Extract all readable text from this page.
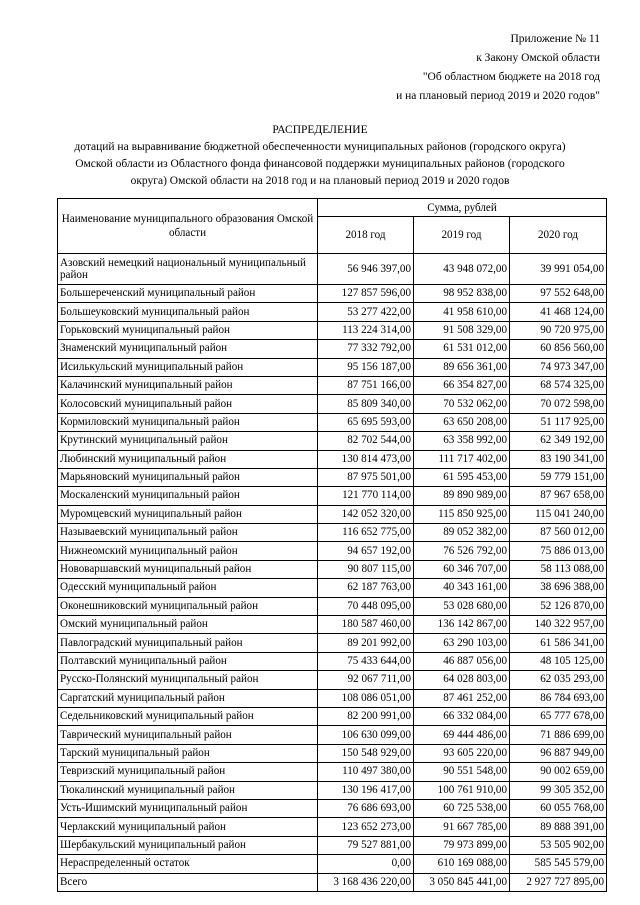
Приложение № 11
к Закону Омской области
"Об областном бюджете на 2018 год
и на плановый период 2019 и 2020 годов"
РАСПРЕДЕЛЕНИЕ
дотаций на выравнивание бюджетной обеспеченности муниципальных районов (городского округа)
Омской области из Областного фонда финансовой поддержки муниципальных районов (городского
округа) Омской области на 2018 год и на плановый период 2019 и 2020 годов
Наименование муниципального образования Омской области	Сумма, рублей		
	2018 год	2019 год	2020 год
Азовский немецкий национальный муниципальный район	56 946 397,00	43 948 072,00	39 991 054,00
Большереченский муниципальный район	127 857 596,00	98 952 838,00	97 552 648,00
Большеуковский муниципальный район	53 277 422,00	41 958 610,00	41 468 124,00
Горьковский муниципальный район	113 224 314,00	91 508 329,00	90 720 975,00
Знаменский муниципальный район	77 332 792,00	61 531 012,00	60 856 560,00
Исилькульский муниципальный район	95 156 187,00	89 656 361,00	74 973 347,00
Калачинский муниципальный район	87 751 166,00	66 354 827,00	68 574 325,00
Колосовский муниципальный район	85 809 340,00	70 532 062,00	70 072 598,00
Кормиловский муниципальный район	65 695 593,00	63 650 208,00	51 117 925,00
Крутинский муниципальный район	82 702 544,00	63 358 992,00	62 349 192,00
Любинский муниципальный район	130 814 473,00	111 717 402,00	83 190 341,00
Марьяновский муниципальный район	87 975 501,00	61 595 453,00	59 779 151,00
Москаленский муниципальный район	121 770 114,00	89 890 989,00	87 967 658,00
Муромцевский муниципальный район	142 052 320,00	115 850 925,00	115 041 240,00
Называевский муниципальный район	116 652 775,00	89 052 382,00	87 560 012,00
Нижнеомский муниципальный район	94 657 192,00	76 526 792,00	75 886 013,00
Нововаршавский муниципальный район	90 807 115,00	60 346 707,00	58 113 088,00
Одесский муниципальный район	62 187 763,00	40 343 161,00	38 696 388,00
Оконешниковский муниципальный район	70 448 095,00	53 028 680,00	52 126 870,00
Омский муниципальный район	180 587 460,00	136 142 867,00	140 322 957,00
Павлоградский муниципальный район	89 201 992,00	63 290 103,00	61 586 341,00
Полтавский муниципальный район	75 433 644,00	46 887 056,00	48 105 125,00
Русско-Полянский муниципальный район	92 067 711,00	64 028 803,00	62 035 293,00
Саргатский муниципальный район	108 086 051,00	87 461 252,00	86 784 693,00
Седельниковский муниципальный район	82 200 991,00	66 332 084,00	65 777 678,00
Таврический муниципальный район	106 630 099,00	69 444 486,00	71 886 699,00
Тарский муниципальный район	150 548 929,00	93 605 220,00	96 887 949,00
Тевризский муниципальный район	110 497 380,00	90 551 548,00	90 002 659,00
Тюкалинский муниципальный район	130 196 417,00	100 761 910,00	99 305 352,00
Усть-Ишимский муниципальный район	76 686 693,00	60 725 538,00	60 055 768,00
Черлакский муниципальный район	123 652 273,00	91 667 785,00	89 888 391,00
Шербакульский муниципальный район	79 527 881,00	79 973 899,00	53 505 902,00
Нераспределенный остаток	0,00	610 169 088,00	585 545 579,00
Всего	3 168 436 220,00	3 050 845 441,00	2 927 727 895,00
